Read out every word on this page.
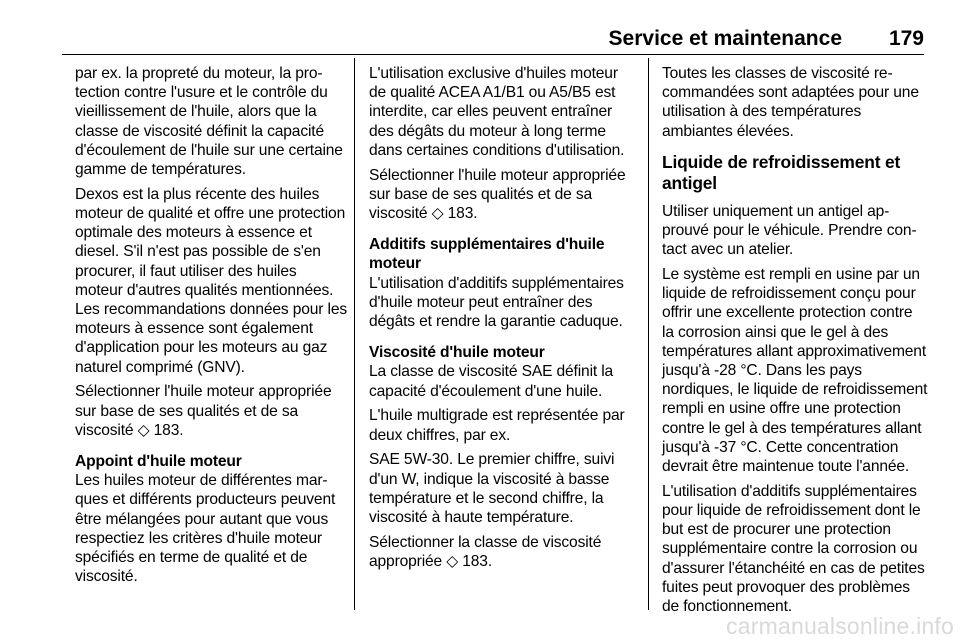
Service et maintenance 179

par ex. la propreté du moteur, la protection contre l'usure et le contrôle du vieillissement de l'huile, alors que la classe de viscosité définit la capacité d'écoulement de l'huile sur une certaine gamme de températures.

Dexos est la plus récente des huiles moteur de qualité et offre une protection optimale des moteurs à essence et diesel. S'il n'est pas possible de s'en procurer, il faut utiliser des huiles moteur d'autres qualités mentionnées. Les recommandations données pour les moteurs à essence sont également d'application pour les moteurs au gaz naturel comprimé (GNV).

Sélectionner l'huile moteur appropriée sur base de ses qualités et de sa viscosité ◇ 183.

Appoint d'huile moteur

Les huiles moteur de différentes marques et différents producteurs peuvent être mélangées pour autant que vous respectiez les critères d'huile moteur spécifiés en terme de qualité et de viscosité.

L'utilisation exclusive d'huiles moteur de qualité ACEA A1/B1 ou A5/B5 est interdite, car elles peuvent entraîner des dégâts du moteur à long terme dans certaines conditions d'utilisation.

Sélectionner l'huile moteur appropriée sur base de ses qualités et de sa viscosité ◇ 183.

Additifs supplémentaires d'huile moteur

L'utilisation d'additifs supplémentaires d'huile moteur peut entraîner des dégâts et rendre la garantie caduque.

Viscosité d'huile moteur

La classe de viscosité SAE définit la capacité d'écoulement d'une huile.

L'huile multigrade est représentée par deux chiffres, par ex.

SAE 5W-30. Le premier chiffre, suivi d'un W, indique la viscosité à basse température et le second chiffre, la viscosité à haute température.

Sélectionner la classe de viscosité appropriée ◇ 183.

Toutes les classes de viscosité recommandées sont adaptées pour une utilisation à des températures ambiantes élevées.

Liquide de refroidissement et antigel

Utiliser uniquement un antigel approuvé pour le véhicule. Prendre contact avec un atelier.

Le système est rempli en usine par un liquide de refroidissement conçu pour offrir une excellente protection contre la corrosion ainsi que le gel à des températures allant approximativement jusqu'à -28 °C. Dans les pays nordiques, le liquide de refroidissement rempli en usine offre une protection contre le gel à des températures allant jusqu'à -37 °C. Cette concentration devrait être maintenue toute l'année.

L'utilisation d'additifs supplémentaires pour liquide de refroidissement dont le but est de procurer une protection supplémentaire contre la corrosion ou d'assurer l'étanchéité en cas de petites fuites peut provoquer des problèmes de fonctionnement.

carmanualsonline.info
